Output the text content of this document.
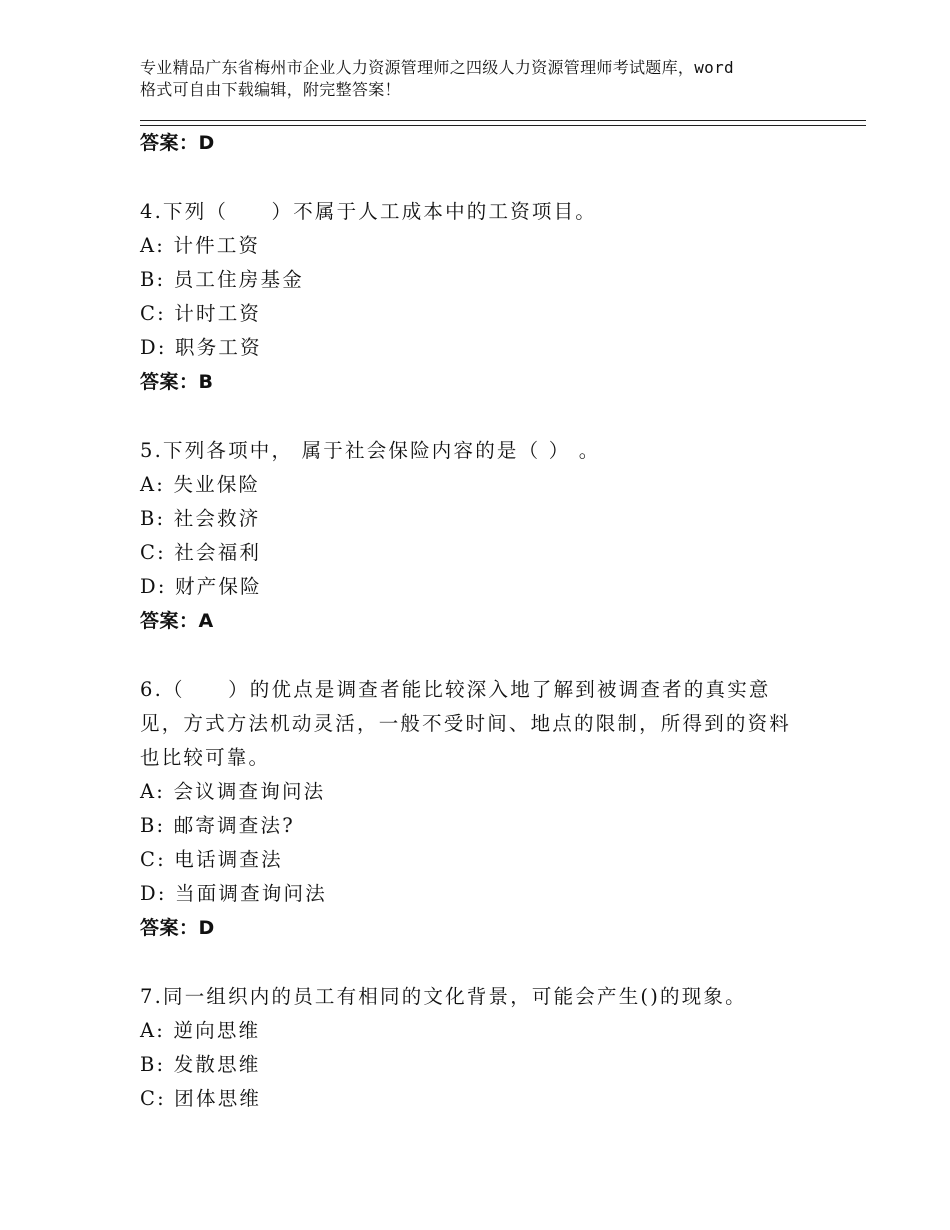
专业精品广东省梅州市企业人力资源管理师之四级人力资源管理师考试题库，word
格式可自由下载编辑，附完整答案！
答案：D
4.下列（　　）不属于人工成本中的工资项目。
A: 计件工资
B: 员工住房基金
C: 计时工资
D: 职务工资
答案：B
5.下列各项中， 属于社会保险内容的是（ ） 。
A: 失业保险
B: 社会救济
C: 社会福利
D: 财产保险
答案：A
6.（　　）的优点是调查者能比较深入地了解到被调查者的真实意
见，方式方法机动灵活，一般不受时间、地点的限制，所得到的资料
也比较可靠。
A: 会议调查询问法
B: 邮寄调查法?
C: 电话调查法
D: 当面调查询问法
答案：D
7.同一组织内的员工有相同的文化背景，可能会产生()的现象。
A: 逆向思维
B: 发散思维
C: 团体思维
